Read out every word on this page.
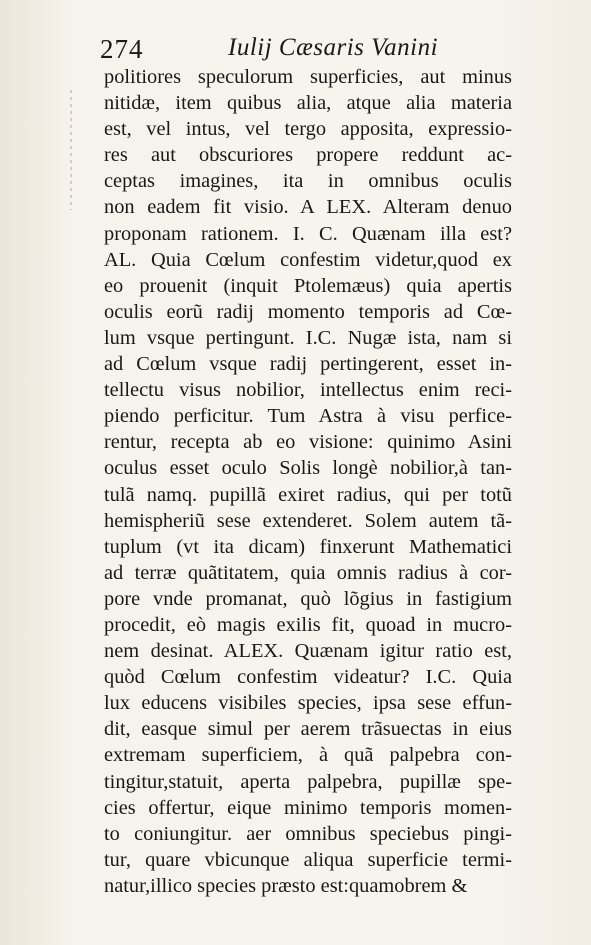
274	Iulij Cæsaris Vanini
politiores speculorum superficies, aut minus
nitidæ, item quibus alia, atque alia materia
est, vel intus, vel tergo apposita, expressio-
res aut obscuriores propere reddunt ac-
ceptas imagines, ita in omnibus oculis
non eadem fit visio. A LEX. Alteram denuo
proponam rationem. I. C. Quænam illa est?
AL. Quia Cœlum confestim videtur,quod ex
eo prouenit (inquit Ptolemæus) quia apertis
oculis eorũ radij momento temporis ad Cœ-
lum vsque pertingunt. I.C. Nugæ ista, nam si
ad Cœlum vsque radij pertingerent, esset in-
tellectu visus nobilior, intellectus enim reci-
piendo perficitur. Tum Astra à visu perfice-
rentur, recepta ab eo visione: quinimo Asini
oculus esset oculo Solis longè nobilior,à tan-
tulã namq. pupillã exiret radius, qui per totũ
hemispheriũ sese extenderet. Solem autem tã-
tuplum (vt ita dicam) finxerunt Mathematici
ad terræ quãtitatem, quia omnis radius à cor-
pore vnde promanat, quò lõgius in fastigium
procedit, eò magis exilis fit, quoad in mucro-
nem desinat. ALEX. Quænam igitur ratio est,
quòd Cœlum confestim videatur? I.C. Quia
lux educens visibiles species, ipsa sese effun-
dit, easque simul per aerem trãsuectas in eius
extremam superficiem, à quã palpebra con-
tingitur,statuit, aperta palpebra, pupillæ spe-
cies offertur, eique minimo temporis momen-
to coniungitur. aer omnibus speciebus pingi-
tur, quare vbicunque aliqua superficie termi-
natur,illico species præsto est:quamobrem &
